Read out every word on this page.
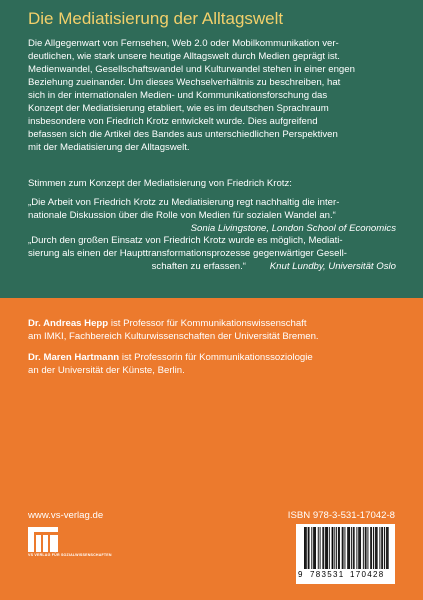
Die Mediatisierung der Alltagswelt
Die Allgegenwart von Fernsehen, Web 2.0 oder Mobilkommunikation ver-
deutlichen, wie stark unsere heutige Alltagswelt durch Medien geprägt ist.
Medienwandel, Gesellschaftswandel und Kulturwandel stehen in einer engen
Beziehung zueinander. Um dieses Wechselverhältnis zu beschreiben, hat
sich in der internationalen Medien- und Kommunikationsforschung das
Konzept der Mediatisierung etabliert, wie es im deutschen Sprachraum
insbesondere von Friedrich Krotz entwickelt wurde. Dies aufgreifend
befassen sich die Artikel des Bandes aus unterschiedlichen Perspektiven
mit der Mediatisierung der Alltagswelt.
Stimmen zum Konzept der Mediatisierung von Friedrich Krotz:
„Die Arbeit von Friedrich Krotz zu Mediatisierung regt nachhaltig die inter-
nationale Diskussion über die Rolle von Medien für sozialen Wandel an.“
Sonia Livingstone, London School of Economics
„Durch den großen Einsatz von Friedrich Krotz wurde es möglich, Mediati-
sierung als einen der Haupttransformationsprozesse gegenwärtiger Gesell-
schaften zu erfassen.“	Knut Lundby, Universität Oslo
Dr. Andreas Hepp ist Professor für Kommunikationswissenschaft
am IMKI, Fachbereich Kulturwissenschaften der Universität Bremen.
Dr. Maren Hartmann ist Professorin für Kommunikationssoziologie
an der Universität der Künste, Berlin.
www.vs-verlag.de	ISBN 978-3-531-17042-8
VS VERLAG FÜR SOZIALWISSENSCHAFTEN
9 783531 170428
